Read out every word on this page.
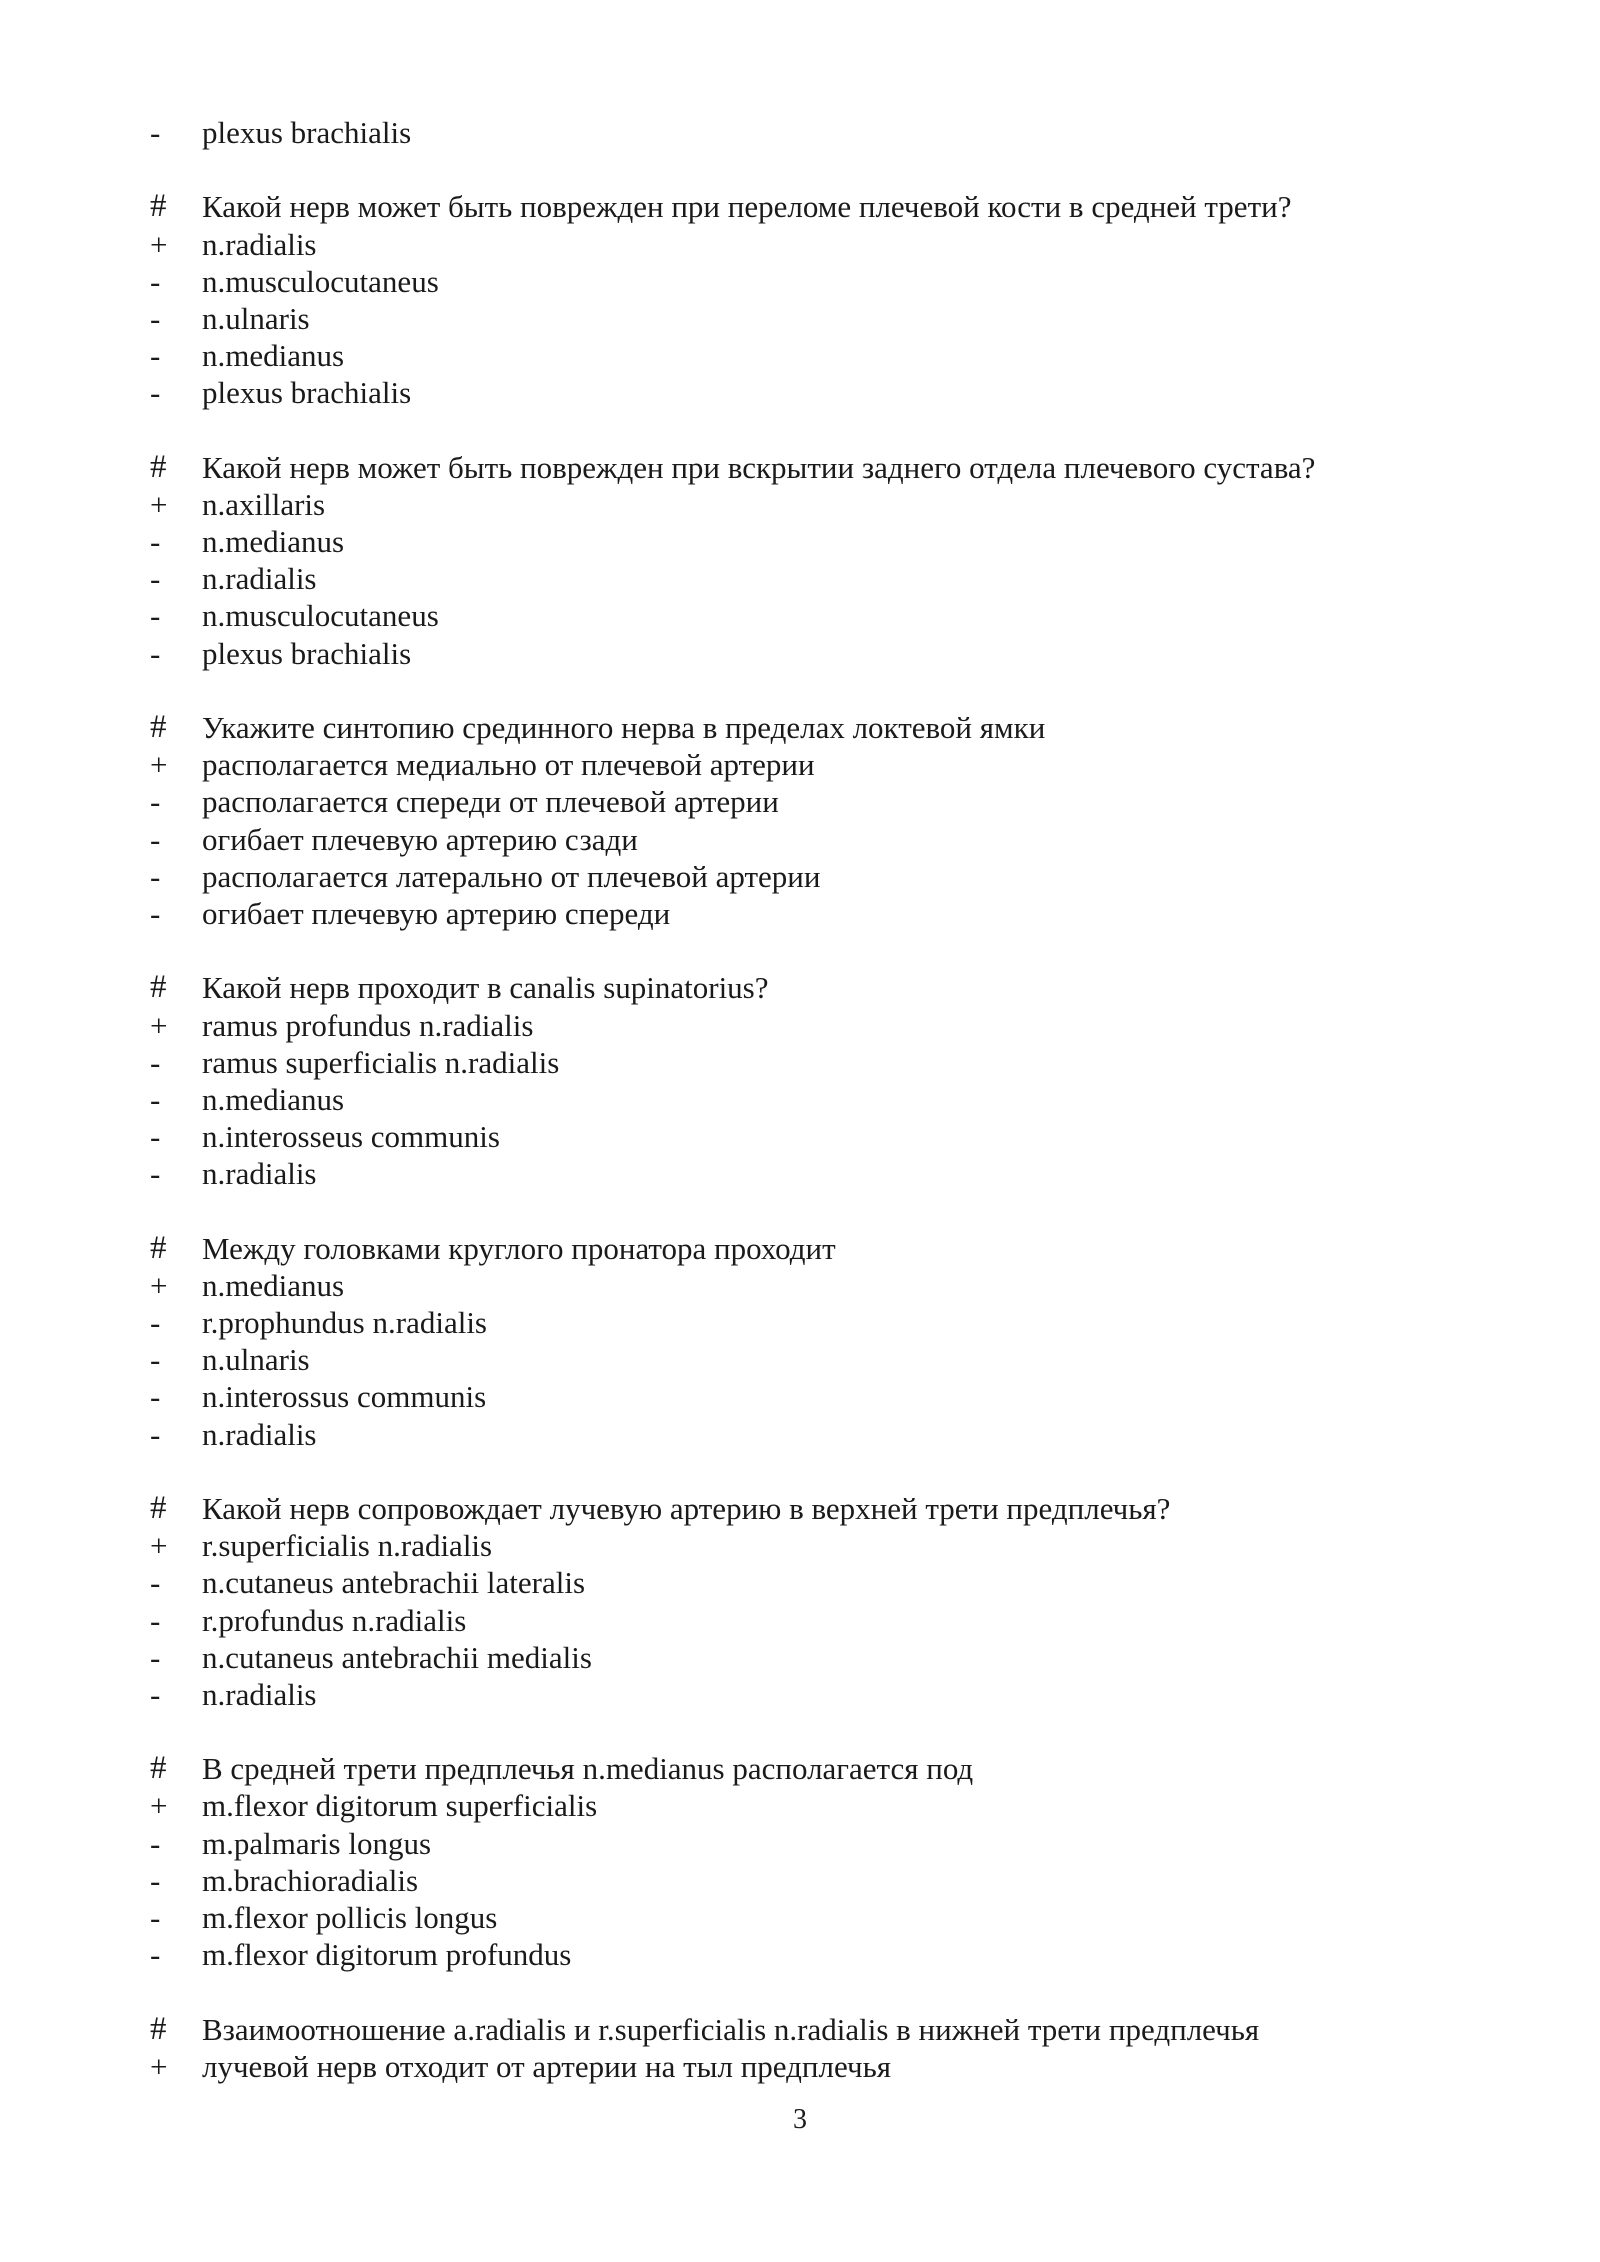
-	plexus brachialis
#	Какой нерв может быть поврежден при переломе плечевой кости в средней трети?
+	n.radialis
-	n.musculocutaneus
-	n.ulnaris
-	n.medianus
-	plexus brachialis
#	Какой нерв может быть поврежден при вскрытии заднего отдела плечевого сустава?
+	n.axillaris
-	n.medianus
-	n.radialis
-	n.musculocutaneus
-	plexus brachialis
#	Укажите синтопию срединного нерва в пределах локтевой ямки
+	располагается медиально от плечевой артерии
-	располагается спереди от плечевой артерии
-	огибает плечевую артерию сзади
-	располагается латерально от плечевой артерии
-	огибает плечевую артерию спереди
#	Какой нерв проходит в canalis supinatorius?
+	ramus profundus n.radialis
-	ramus superficialis n.radialis
-	n.medianus
-	n.interosseus communis
-	n.radialis
#	Между головками круглого пронатора проходит
+	n.medianus
-	r.prophundus n.radialis
-	n.ulnaris
-	n.interossus communis
-	n.radialis
#	Какой нерв сопровождает лучевую артерию в верхней трети предплечья?
+	r.superficialis n.radialis
-	n.cutaneus antebrachii lateralis
-	r.profundus n.radialis
-	n.cutaneus antebrachii medialis
-	n.radialis
#	В средней трети предплечья n.medianus располагается под
+	m.flexor digitorum superficialis
-	m.palmaris longus
-	m.brachioradialis
-	m.flexor pollicis longus
-	m.flexor digitorum profundus
#	Взаимоотношение a.radialis и r.superficialis n.radialis в нижней трети предплечья
+	лучевой нерв отходит от артерии на тыл предплечья
3
